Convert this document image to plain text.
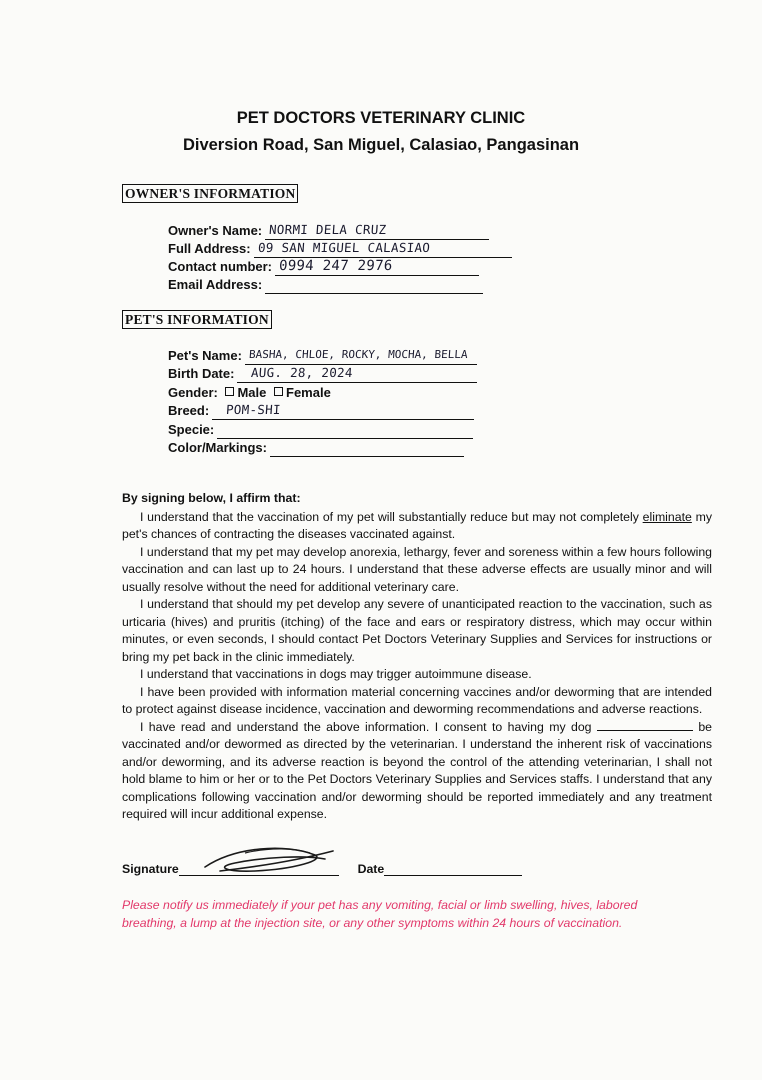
PET DOCTORS VETERINARY CLINIC
Diversion Road, San Miguel, Calasiao, Pangasinan
OWNER'S INFORMATION
Owner's Name: NORMI DELA CRUZ
Full Address: 09 SAN MIGUEL CALASIAO
Contact number: 0994 247 2976
Email Address:
PET'S INFORMATION
Pet's Name: BASHA, CHLOE, ROCKY, MOCHA, BELLA
Birth Date: AUG. 28, 2024
Gender: Male Female
Breed: POM-SHI
Specie:
Color/Markings:
By signing below, I affirm that:

I understand that the vaccination of my pet will substantially reduce but may not completely eliminate my pet's chances of contracting the diseases vaccinated against.

I understand that my pet may develop anorexia, lethargy, fever and soreness within a few hours following vaccination and can last up to 24 hours. I understand that these adverse effects are usually minor and will usually resolve without the need for additional veterinary care.

I understand that should my pet develop any severe of unanticipated reaction to the vaccination, such as urticaria (hives) and pruritis (itching) of the face and ears or respiratory distress, which may occur within minutes, or even seconds, I should contact Pet Doctors Veterinary Supplies and Services for instructions or bring my pet back in the clinic immediately.

I understand that vaccinations in dogs may trigger autoimmune disease.

I have been provided with information material concerning vaccines and/or deworming that are intended to protect against disease incidence, vaccination and deworming recommendations and adverse reactions.

I have read and understand the above information. I consent to having my dog	be vaccinated and/or dewormed as directed by the veterinarian. I understand the inherent risk of vaccinations and/or deworming, and its adverse reaction is beyond the control of the attending veterinarian, I shall not hold blame to him or her or to the Pet Doctors Veterinary Supplies and Services staffs. I understand that any complications following vaccination and/or deworming should be reported immediately and any treatment required will incur additional expense.

Signature	Date
Please notify us immediately if your pet has any vomiting, facial or limb swelling, hives, labored breathing, a lump at the injection site, or any other symptoms within 24 hours of vaccination.
